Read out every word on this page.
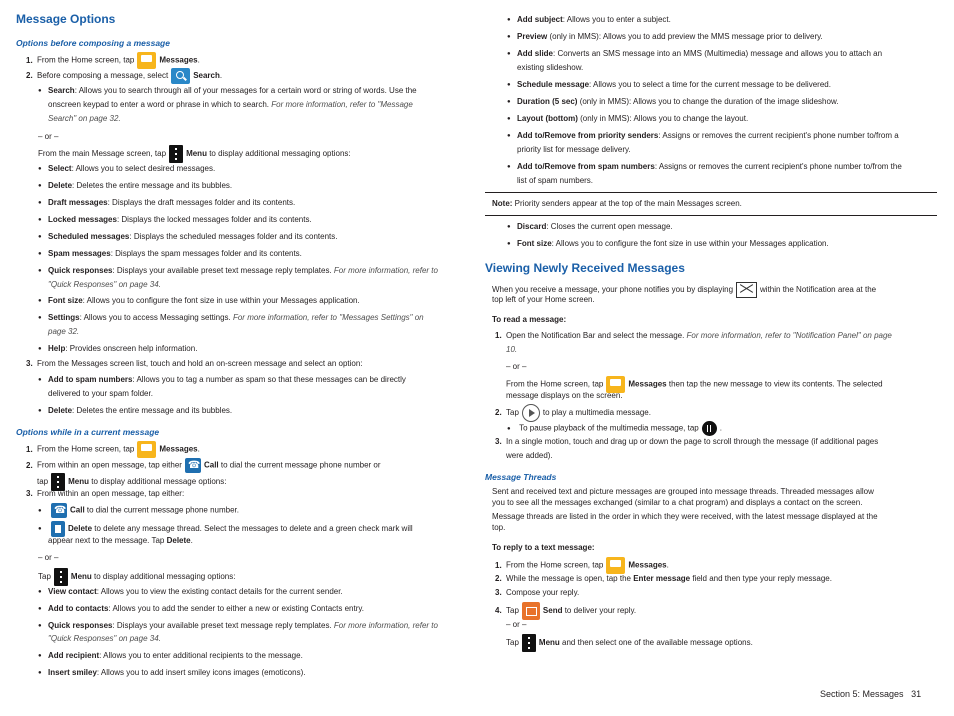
Message Options
Options before composing a message
1. From the Home screen, tap	Messages.
2. Before composing a message, select	Search.
● Search: Allows you to search through all of your messages for a certain word or string of words. Use the
onscreen keypad to enter a word or phrase in which to search. For more information, refer to "Message
Search" on page 32.
– or –
From the main Message screen, tap	Menu to display additional messaging options:
● Select: Allows you to select desired messages.
● Delete: Deletes the entire message and its bubbles.
● Draft messages: Displays the draft messages folder and its contents.
● Locked messages: Displays the locked messages folder and its contents.
● Scheduled messages: Displays the scheduled messages folder and its contents.
● Spam messages: Displays the spam messages folder and its contents.
● Quick responses: Displays your available preset text message reply templates. For more information, refer to
"Quick Responses" on page 34.
● Font size: Allows you to configure the font size in use within your Messages application.
● Settings: Allows you to access Messaging settings. For more information, refer to "Messages Settings" on
page 32.
● Help: Provides onscreen help information.
3. From the Messages screen list, touch and hold an on-screen message and select an option:
● Add to spam numbers: Allows you to tag a number as spam so that these messages can be directly
delivered to your spam folder.
● Delete: Deletes the entire message and its bubbles.
Options while in a current message
1. From the Home screen, tap	Messages.
2. From within an open message, tap either☎	Call to dial the current message phone number or
tap	Menu to display additional message options:
3. From within an open message, tap either:
☎● Call to dial the current message phone number.
● Delete to delete any message thread. Select the messages to delete and a green check mark will
appear next to the message. Tap Delete.
– or –
Tap	Menu to display additional messaging options:
● View contact: Allows you to view the existing contact details for the current sender.
● Add to contacts: Allows you to add the sender to either a new or existing Contacts entry.
● Quick responses: Displays your available preset text message reply templates. For more information, refer to
"Quick Responses" on page 34.
● Add recipient: Allows you to enter additional recipients to the message.
● Insert smiley: Allows you to add insert smiley icons images (emoticons).
● Add subject: Allows you to enter a subject.
● Preview (only in MMS): Allows you to add preview the MMS message prior to delivery.
● Add slide: Converts an SMS message into an MMS (Multimedia) message and allows you to attach an
existing slideshow.
● Schedule message: Allows you to select a time for the current message to be delivered.
● Duration (5 sec) (only in MMS): Allows you to change the duration of the image slideshow.
● Layout (bottom) (only in MMS): Allows you to change the layout.
● Add to/Remove from priority senders: Assigns or removes the current recipient's phone number to/from a
priority list for message delivery.
● Add to/Remove from spam numbers: Assigns or removes the current recipient's phone number to/from the
list of spam numbers.
Note: Priority senders appear at the top of the main Messages screen.
● Discard: Closes the current open message.
● Font size: Allows you to configure the font size in use within your Messages application.
Viewing Newly Received Messages
When you receive a message, your phone notifies you by displaying	within the Notification area at the
top left of your Home screen.
To read a message:
1. Open the Notification Bar and select the message. For more information, refer to "Notification Panel" on page
10.
– or –
From the Home screen, tap	Messages then tap the new message to view its contents. The selected
message displays on the screen.
2. Tap	to play a multimedia message.
● To pause playback of the multimedia message, tap	.
3. In a single motion, touch and drag up or down the page to scroll through the message (if additional pages
were added).
Message Threads
Sent and received text and picture messages are grouped into message threads. Threaded messages allow
you to see all the messages exchanged (similar to a chat program) and displays a contact on the screen.
Message threads are listed in the order in which they were received, with the latest message displayed at the
top.
To reply to a text message:
1. From the Home screen, tap	Messages.
2. While the message is open, tap the Enter message field and then type your reply message.
3. Compose your reply.
4. Tap	Send to deliver your reply.
– or –
Tap	Menu and then select one of the available message options.
Section 5: Messages 31
